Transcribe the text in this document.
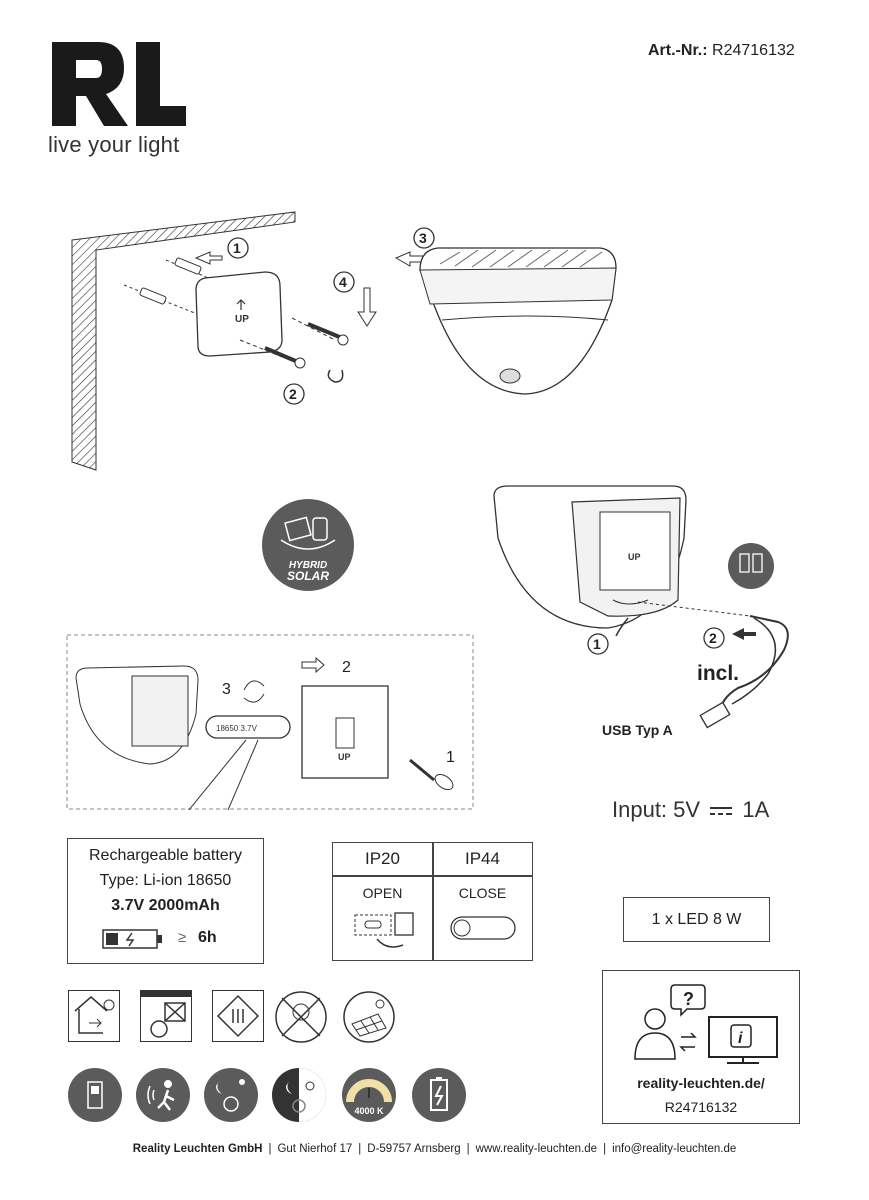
live your light
Art.-Nr.: R24716132
UP
1
2
3
4
HYBRID
SOLAR
UP
1	2
incl.
USB Typ A
18650 3.7V
3
2
UP	1
Input: 5V 1A
Rechargeable battery
Type: Li-ion 18650
3.7V 2000mAh
≥ 6h
IP20	IP44
OPEN	CLOSE
1 x LED 8 W
4000 K
?
i
reality-leuchten.de/
R24716132
Reality Leuchten GmbH | Gut Nierhof 17 | D-59757 Arnsberg | www.reality-leuchten.de | info@reality-leuchten.de
